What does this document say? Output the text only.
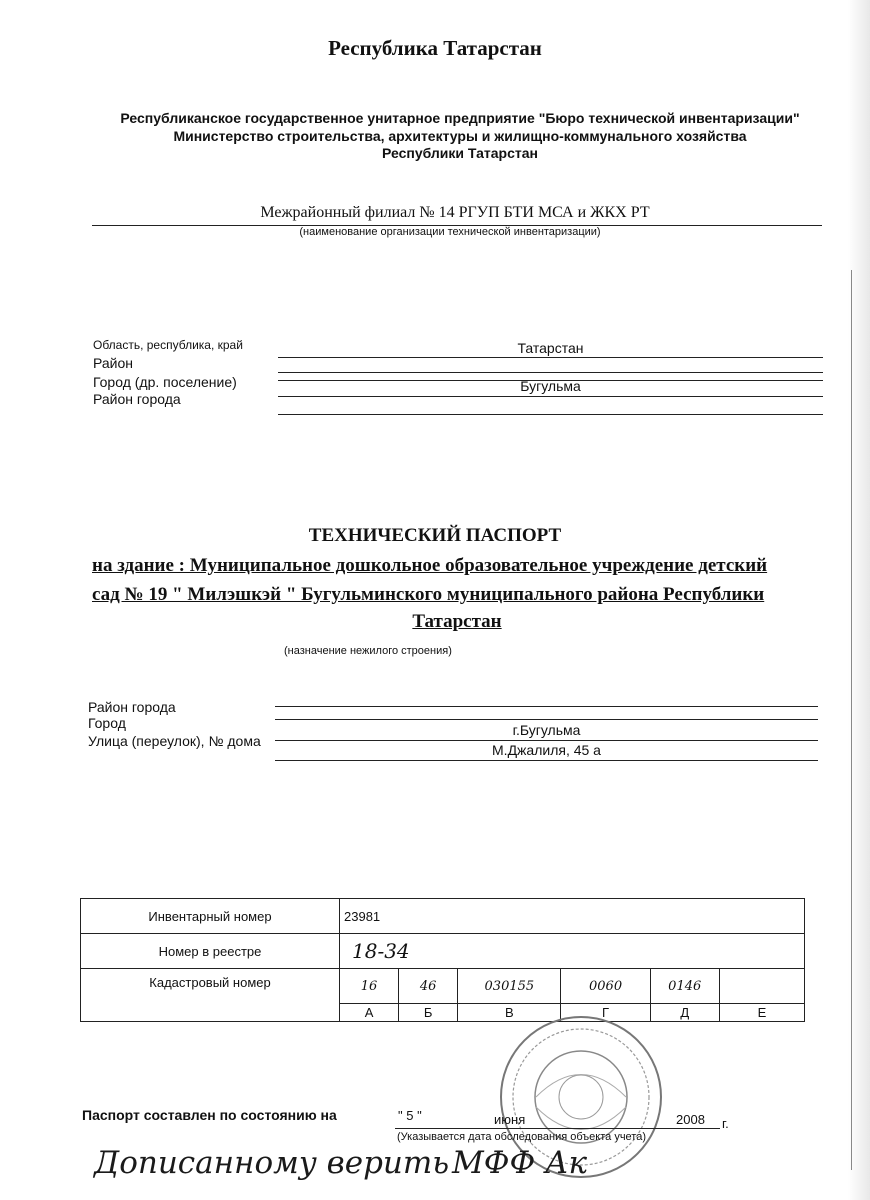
Республика Татарстан
Республиканское государственное унитарное предприятие "Бюро технической инвентаризации"
Министерство строительства, архитектуры и жилищно-коммунального хозяйства
Республики Татарстан
Межрайонный филиал № 14 РГУП БТИ МСА и ЖКХ РТ
(наименование организации технической инвентаризации)
Область, республика, край	Татарстан
Район
Город (др. поселение)	Бугульма
Район города
ТЕХНИЧЕСКИЙ ПАСПОРТ
на здание : Муниципальное дошкольное образовательное учреждение детский
сад № 19 " Милэшкэй " Бугульминского муниципального района Республики
Татарстан
(назначение нежилого строения)
Район города
Город	г.Бугульма
Улица (переулок), № дома
М.Джалиля, 45 а
Инвентарный номер	23981					
Номер в реестре	18-34					
Кадастровый номер	16	46	030155	0060	0146	
	А	Б	В	Г	Д	Е
Паспорт составлен по состоянию на	" 5 "	июня	2008 г.
(Указывается дата обследования объекта учета)
Дописанному верить МФФ Ак
